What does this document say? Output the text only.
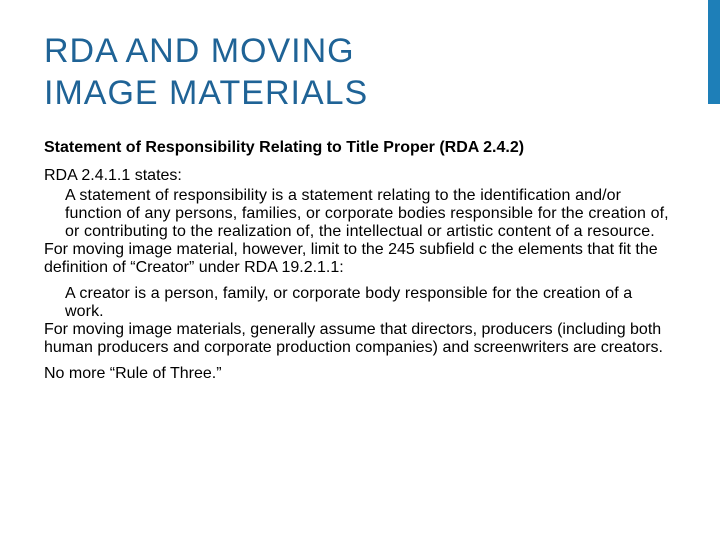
RDA AND MOVING
IMAGE MATERIALS

Statement of Responsibility Relating to Title Proper (RDA 2.4.2)

RDA 2.4.1.1 states:

A statement of responsibility is a statement relating to the identification and/or function of any persons, families, or corporate bodies responsible for the creation of, or contributing to the realization of, the intellectual or artistic content of a resource.

For moving image material, however, limit to the 245 subfield c the elements that fit the definition of “Creator” under RDA 19.2.1.1:

A creator is a person, family, or corporate body responsible for the creation of a work.

For moving image materials, generally assume that directors, producers (including both human producers and corporate production companies) and screenwriters are creators.

No more “Rule of Three.”
